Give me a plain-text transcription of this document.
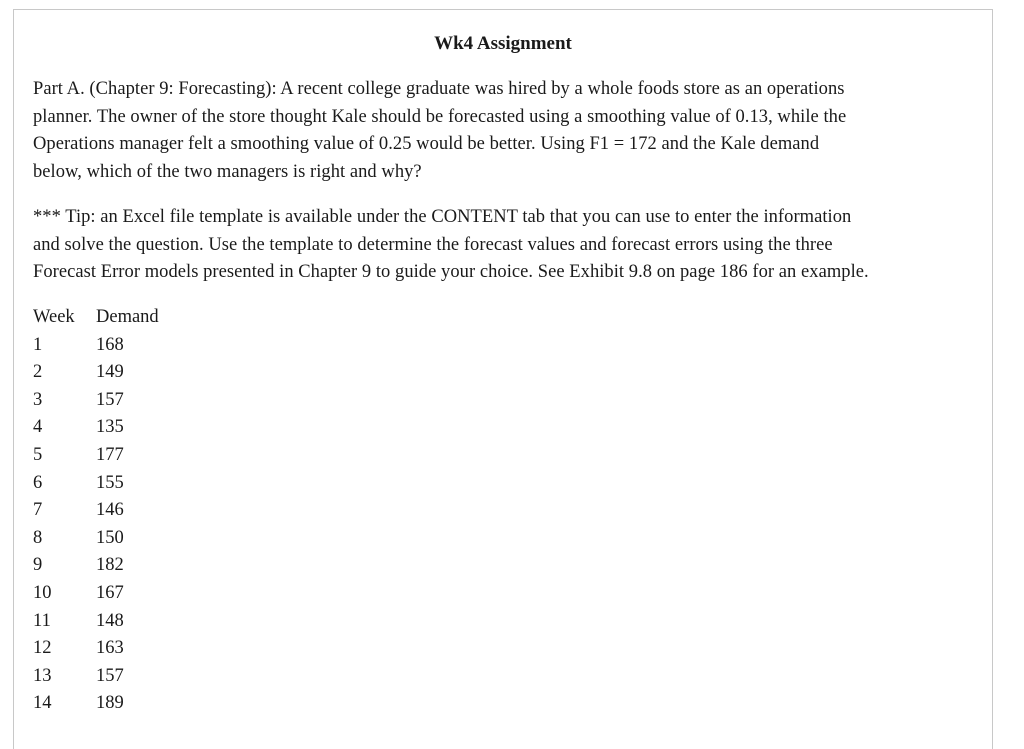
Wk4 Assignment

Part A. (Chapter 9: Forecasting): A recent college graduate was hired by a whole foods store as an operations
planner. The owner of the store thought Kale should be forecasted using a smoothing value of 0.13, while the
Operations manager felt a smoothing value of 0.25 would be better. Using F1 = 172 and the Kale demand
below, which of the two managers is right and why?

*** Tip: an Excel file template is available under the CONTENT tab that you can use to enter the information
and solve the question. Use the template to determine the forecast values and forecast errors using the three
Forecast Error models presented in Chapter 9 to guide your choice. See Exhibit 9.8 on page 186 for an example.

Week	Demand
1	168
2	149
3	157
4	135
5	177
6	155
7	146
8	150
9	182
10	167
11	148
12	163
13	157
14	189
